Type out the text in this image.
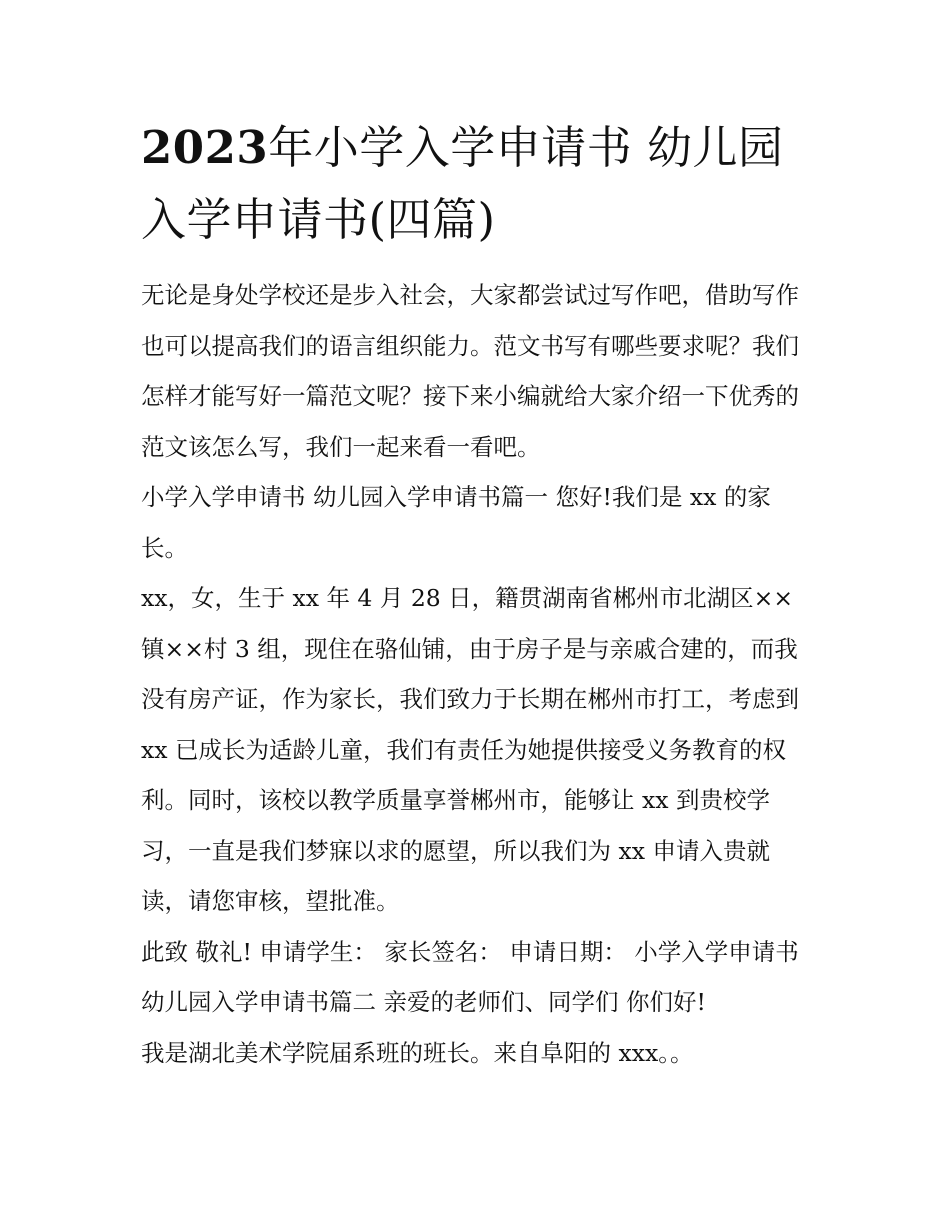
2023年小学入学申请书 幼儿园入学申请书(四篇)

无论是身处学校还是步入社会，大家都尝试过写作吧，借助写作也可以提高我们的语言组织能力。范文书写有哪些要求呢？我们怎样才能写好一篇范文呢？接下来小编就给大家介绍一下优秀的范文该怎么写，我们一起来看一看吧。

小学入学申请书 幼儿园入学申请书篇一 您好!我们是 xx 的家长。

xx，女，生于 xx 年 4 月 28 日，籍贯湖南省郴州市北湖区××镇××村 3 组，现住在骆仙铺，由于房子是与亲戚合建的，而我没有房产证，作为家长，我们致力于长期在郴州市打工，考虑到 xx 已成长为适龄儿童，我们有责任为她提供接受义务教育的权利。同时，该校以教学质量享誉郴州市，能够让 xx 到贵校学习，一直是我们梦寐以求的愿望，所以我们为 xx 申请入贵就读，请您审核，望批准。

此致 敬礼! 申请学生： 家长签名： 申请日期： 小学入学申请书 幼儿园入学申请书篇二 亲爱的老师们、同学们 你们好!

我是湖北美术学院届系班的班长。来自阜阳的 xxx。。
